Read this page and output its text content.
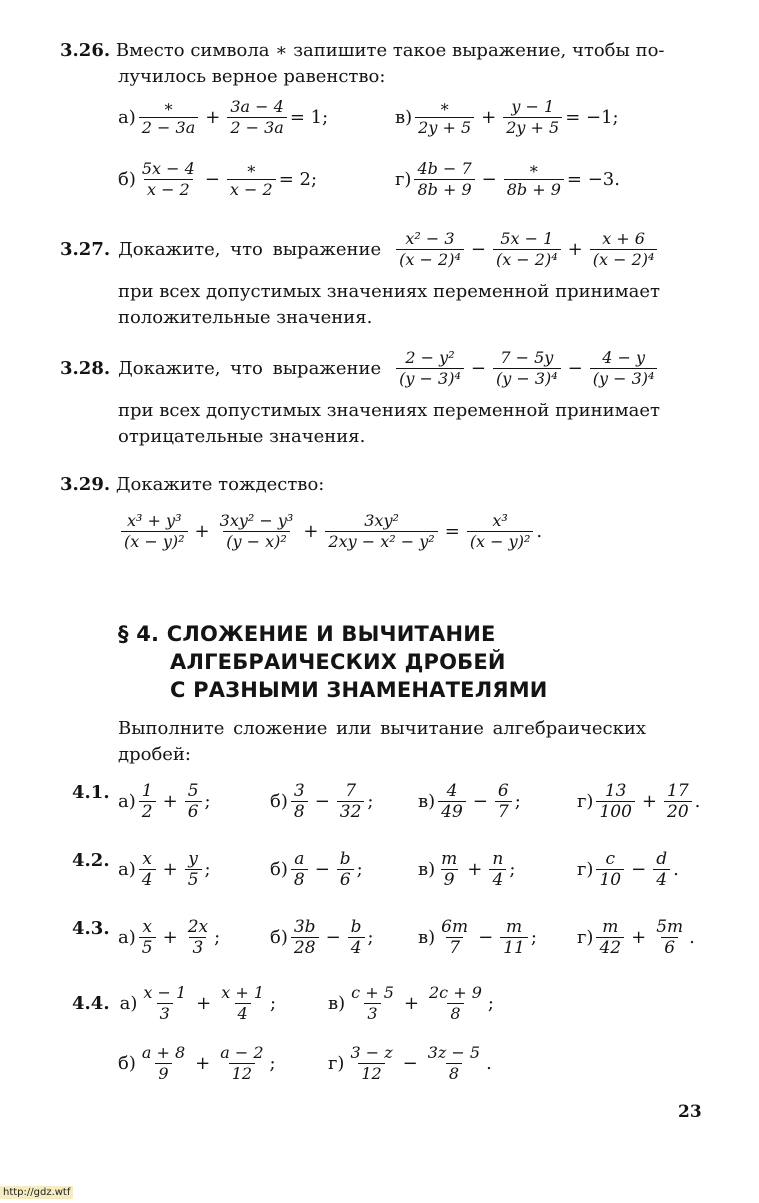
3.26. Вместо символа ∗ запишите такое выражение, чтобы по-
лучилось верное равенство:
а)
∗
$2 - 3a + \frac{3a - 4}{2 - 3a} = 1$;	в)
∗
$2y + 5 + \frac{y - 1}{2y + 5} = -1$;
б)
5x − 4
x − 2 −
∗
x − 2 = 2;	г)
4b − 7
8b + 9 −
∗
8b + 9 = −3.
3.27. Докажите, что выражение
x² − 3
$(x - 2)^4 - \frac{5x - 1}{\text{(x − 2)⁴}} + \frac{x + 6}{\text{(x − 2)⁴}}$
при всех допустимых значениях переменной принимает
положительные значения.
3.28. Докажите, что выражение
2 − y²
$(y - 3)^4 - \frac{7 - 5y}{\text{(y − 3)⁴}} - \frac{4 - y}{\text{(y − 3)⁴}}$
при всех допустимых значениях переменной принимает
отрицательные значения.
3.29. Докажите тождество:
x³ + y³
$(x - y)^2 + \frac{\text{3xy² − y³}}{\text{(y − x)²}} + \frac{\text{3xy²}}{\text{2xy − x² − y²}} = \frac{\text{x³}}{\text{(x − y)²}}$ .
§ 4. СЛОЖЕНИЕ И ВЫЧИТАНИЕ
АЛГЕБРАИЧЕСКИХ ДРОБЕЙ
С РАЗНЫМИ ЗНАМЕНАТЕЛЯМИ
Выполните сложение или вычитание алгебраических
дробей:
4.1.
4.2.
4.3.
а) 1
$2 + \frac{5}{6}$ ;	б) 3
$8 - \frac{7}{32}$ ; в) 4
$49 - \frac{6}{7}$ ;	г) 13
$100 + \frac{17}{20}$ .
а) x
$4 + \frac{y}{5}$ ;	б) a
$8 - \frac{b}{6}$ ;	в) m
$9 + \frac{n}{4}$ ;	г) c
$10 - \frac{d}{4}$ .
а) x
$5 + \frac{2x}{3}$ ;	б) 3b
$28 - \frac{b}{4}$ ; в) 6m
$7 - \frac{m}{11}$ ; г) m
$42 + \frac{5m}{6}$ .
4.4. а)
x − 1
$3 + \frac{x + 1}{4}$ ;	в)
c + 5
$3 + \frac{2c + 9}{8}$ ;
б)
a + 8
$9 + \frac{a - 2}{12}$ ;	г)
3 − z
$12 - \frac{3z - 5}{8}$ .
23
http://gdz.wtf
